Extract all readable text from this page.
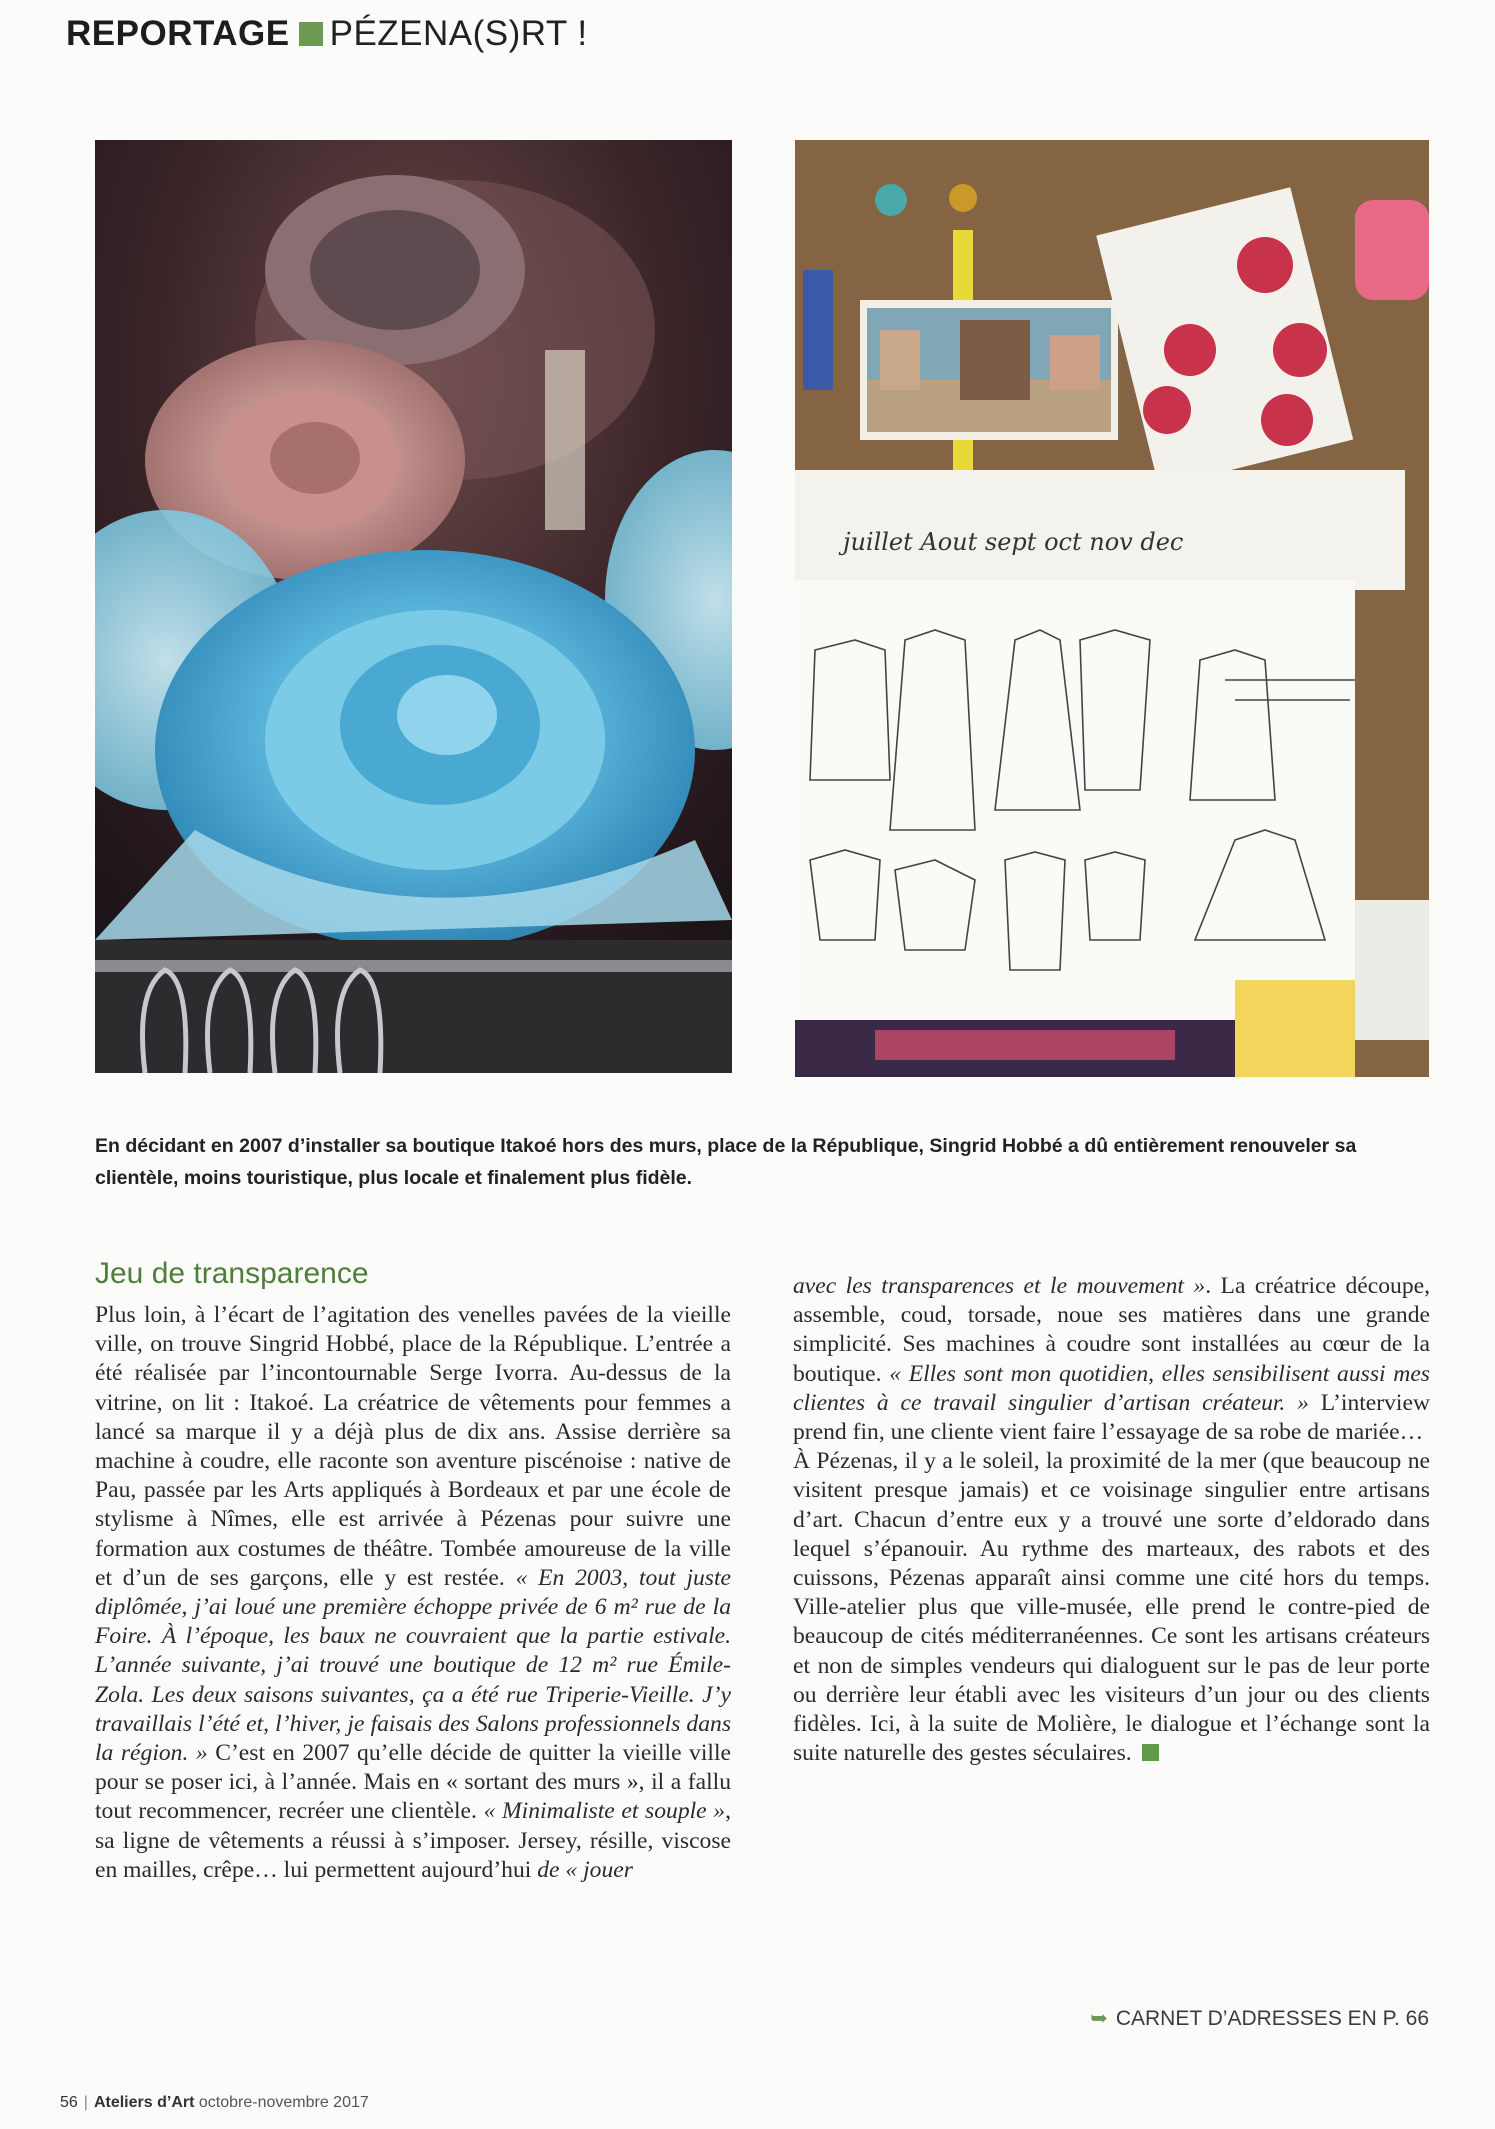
REPORTAGE PÉZENA(S)RT !
juillet Aout sept oct nov dec
En décidant en 2007 d’installer sa boutique Itakoé hors des murs, place de la République, Singrid Hobbé a dû entièrement renouveler sa clientèle, moins touristique, plus locale et finalement plus fidèle.
Jeu de transparence

Plus loin, à l’écart de l’agitation des venelles pavées de la vieille ville, on trouve Singrid Hobbé, place de la République. L’entrée a été réalisée par l’incontournable Serge Ivorra. Au-dessus de la vitrine, on lit : Itakoé. La créatrice de vêtements pour femmes a lancé sa marque il y a déjà plus de dix ans. Assise derrière sa machine à coudre, elle raconte son aventure piscénoise : native de Pau, passée par les Arts appliqués à Bordeaux et par une école de stylisme à Nîmes, elle est arrivée à Pézenas pour suivre une formation aux costumes de théâtre. Tombée amoureuse de la ville et d’un de ses garçons, elle y est restée. « En 2003, tout juste diplômée, j’ai loué une première échoppe privée de 6 m² rue de la Foire. À l’époque, les baux ne couvraient que la partie estivale. L’année suivante, j’ai trouvé une boutique de 12 m² rue Émile-Zola. Les deux saisons suivantes, ça a été rue Triperie-Vieille. J’y travaillais l’été et, l’hiver, je faisais des Salons professionnels dans la région. » C’est en 2007 qu’elle décide de quitter la vieille ville pour se poser ici, à l’année. Mais en « sortant des murs », il a fallu tout recommencer, recréer une clientèle. « Minimaliste et souple », sa ligne de vêtements a réussi à s’imposer. Jersey, résille, viscose en mailles, crêpe… lui permettent aujourd’hui de « jouer

avec les transparences et le mouvement ». La créatrice découpe, assemble, coud, torsade, noue ses matières dans une grande simplicité. Ses machines à coudre sont installées au cœur de la boutique. « Elles sont mon quotidien, elles sensibilisent aussi mes clientes à ce travail singulier d’artisan créateur. » L’interview prend fin, une cliente vient faire l’essayage de sa robe de mariée…

À Pézenas, il y a le soleil, la proximité de la mer (que beaucoup ne visitent presque jamais) et ce voisinage singulier entre artisans d’art. Chacun d’entre eux y a trouvé une sorte d’eldorado dans lequel s’épanouir. Au rythme des marteaux, des rabots et des cuissons, Pézenas apparaît ainsi comme une cité hors du temps. Ville-atelier plus que ville-musée, elle prend le contre-pied de beaucoup de cités méditerranéennes. Ce sont les artisans créateurs et non de simples vendeurs qui dialoguent sur le pas de leur porte ou derrière leur établi avec les visiteurs d’un jour ou des clients fidèles. Ici, à la suite de Molière, le dialogue et l’échange sont la suite naturelle des gestes séculaires.

➥ CARNET D’ADRESSES EN P. 66
56 | Ateliers d’Art octobre-novembre 2017
